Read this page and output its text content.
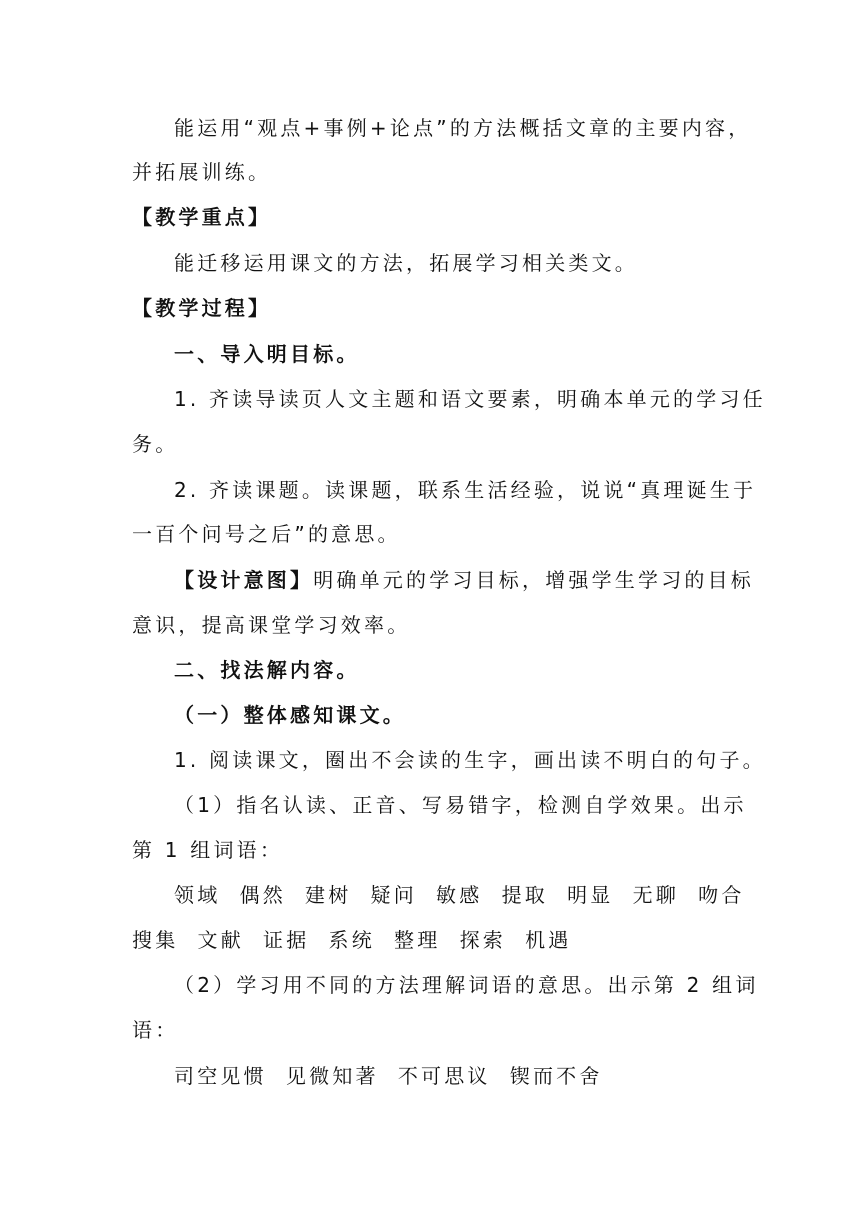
能运用“观点+事例+论点”的方法概括文章的主要内容，
并拓展训练。
【教学重点】
能迁移运用课文的方法，拓展学习相关类文。
【教学过程】
一、导入明目标。
1. 齐读导读页人文主题和语文要素，明确本单元的学习任
务。
2. 齐读课题。读课题，联系生活经验，说说“真理诞生于
一百个问号之后”的意思。
【设计意图】明确单元的学习目标，增强学生学习的目标
意识，提高课堂学习效率。
二、找法解内容。
（一）整体感知课文。
1. 阅读课文，圈出不会读的生字，画出读不明白的句子。
（1）指名认读、正音、写易错字，检测自学效果。出示
第 1 组词语：
领域  偶然  建树  疑问  敏感  提取  明显  无聊  吻合
搜集  文献  证据  系统  整理  探索  机遇
（2）学习用不同的方法理解词语的意思。出示第 2 组词
语：
司空见惯  见微知著  不可思议  锲而不舍
